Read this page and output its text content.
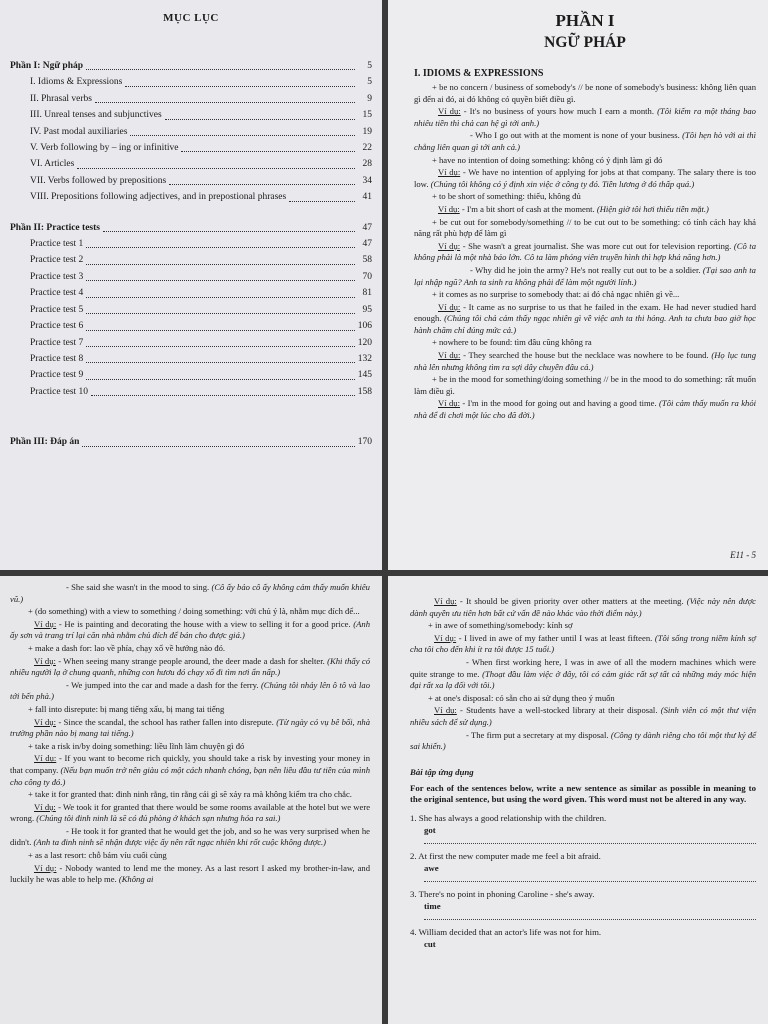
MỤC LỤC
Phần I: Ngữ pháp	5
I. Idioms & Expressions	5
II. Phrasal verbs	9
III. Unreal tenses and subjunctives	15
IV. Past modal auxiliaries	19
V. Verb following by – ing or infinitive	22
VI. Articles	28
VII. Verbs followed by prepositions	34
VIII. Prepositions following adjectives, and in prepostional phrases	41
Phần II: Practice tests	47
Practice test 1	47
Practice test 2	58
Practice test 3	70
Practice test 4	81
Practice test 5	95
Practice test 6	106
Practice test 7	120
Practice test 8	132
Practice test 9	145
Practice test 10	158
Phần III: Đáp án	170
PHẦN I
NGỮ PHÁP
I. IDIOMS & EXPRESSIONS

+ be no concern / business of somebody's // be none of somebody's business: không liên quan gì đến ai đó, ai đó không có quyền biết điều gì.

Ví dụ: - It's no business of yours how much I earn a month. (Tôi kiếm ra một tháng bao nhiêu tiền thì chả can hệ gì tới anh.)

- Who I go out with at the moment is none of your business. (Tôi hẹn hò với ai thì chẳng liên quan gì tới anh cả.)

+ have no intention of doing something: không có ý định làm gì đó

Ví dụ: - We have no intention of applying for jobs at that company. The salary there is too low. (Chúng tôi không có ý định xin việc ở công ty đó. Tiền lương ở đó thấp quá.)

+ to be short of something: thiếu, không đủ

Ví dụ: - I'm a bit short of cash at the moment. (Hiện giờ tôi hơi thiếu tiền mặt.)

+ be cut out for somebody/something // to be cut out to be something: có tính cách hay khả năng rất phù hợp để làm gì

Ví dụ: - She wasn't a great journalist. She was more cut out for television reporting. (Cô ta không phải là một nhà báo lớn. Cô ta làm phóng viên truyền hình thì hợp khả năng hơn.)

- Why did he join the army? He's not really cut out to be a soldier. (Tại sao anh ta lại nhập ngũ? Anh ta sinh ra không phải để làm một người lính.)

+ it comes as no surprise to somebody that: ai đó chả ngạc nhiên gì về...

Ví dụ: - It came as no surprise to us that he failed in the exam. He had never studied hard enough. (Chúng tôi chả cảm thấy ngạc nhiên gì về việc anh ta thi hỏng. Anh ta chưa bao giờ học hành chăm chỉ đúng mức cả.)

+ nowhere to be found: tìm đâu cũng không ra

Ví dụ: - They searched the house but the necklace was nowhere to be found. (Họ lục tung nhà lên nhưng không tìm ra sợi dây chuyền đâu cả.)

+ be in the mood for something/doing something // be in the mood to do something: rất muốn làm điều gì.

Ví dụ: - I'm in the mood for going out and having a good time. (Tôi cảm thấy muốn ra khỏi nhà để đi chơi một lúc cho đã đời.)

E11 - 5

- She said she wasn't in the mood to sing. (Cô ấy bảo cô ấy không cảm thấy muốn khiêu vũ.)

+ (do something) with a view to something / doing something: với chủ ý là, nhằm mục đích để...

Ví dụ: - He is painting and decorating the house with a view to selling it for a good price. (Anh ấy sơn và trang trí lại căn nhà nhằm chủ đích để bán cho được giá.)

+ make a dash for: lao về phía, chạy xổ về hướng nào đó.

Ví dụ: - When seeing many strange people around, the deer made a dash for shelter. (Khi thấy có nhiều người lạ ở chung quanh, những con hươu đó chạy xổ đi tìm nơi ẩn nấp.)

- We jumped into the car and made a dash for the ferry. (Chúng tôi nhảy lên ô tô và lao tới bến phà.)

+ fall into disrepute: bị mang tiếng xấu, bị mang tai tiếng

Ví dụ: - Since the scandal, the school has rather fallen into disrepute. (Từ ngày có vụ bê bối, nhà trường phần nào bị mang tai tiếng.)

+ take a risk in/by doing something: liều lĩnh làm chuyện gì đó

Ví dụ: - If you want to become rich quickly, you should take a risk by investing your money in that company. (Nếu bạn muốn trở nên giàu có một cách nhanh chóng, bạn nên liều đầu tư tiền của mình cho công ty đó.)

+ take it for granted that: đinh ninh rằng, tin rằng cái gì sẽ xảy ra mà không kiểm tra cho chắc.

Ví dụ: - We took it for granted that there would be some rooms available at the hotel but we were wrong. (Chúng tôi đinh ninh là sẽ có đủ phòng ở khách sạn nhưng hóa ra sai.)

- He took it for granted that he would get the job, and so he was very surprised when he didn't. (Anh ta đinh ninh sẽ nhận được việc ấy nên rất ngạc nhiên khi rốt cuộc không được.)

+ as a last resort: chỗ bám víu cuối cùng

Ví dụ: - Nobody wanted to lend me the money. As a last resort I asked my brother-in-law, and luckily he was able to help me. (Không ai

Ví dụ: - It should be given priority over other matters at the meeting. (Việc này nên được dành quyền ưu tiên hơn bất cứ vấn đề nào khác vào thời điểm này.)

+ in awe of something/somebody: kính sợ

Ví dụ: - I lived in awe of my father until I was at least fifteen. (Tôi sống trong niềm kính sợ cha tôi cho đến khi ít ra tôi được 15 tuổi.)

- When first working here, I was in awe of all the modern machines which were quite strange to me. (Thoạt đầu làm việc ở đây, tôi có cảm giác rất sợ tất cả những máy móc hiện đại rất xa lạ đối với tôi.)

+ at one's disposal: có sẵn cho ai sử dụng theo ý muốn

Ví dụ: - Students have a well-stocked library at their disposal. (Sinh viên có một thư viện nhiều sách để sử dụng.)

- The firm put a secretary at my disposal. (Công ty dành riêng cho tôi một thư ký để sai khiến.)

Bài tập ứng dụng
For each of the sentences below, write a new sentence as similar as possible in meaning to the original sentence, but using the word given. This word must not be altered in any way.
1. She has always a good relationship with the children.
got
2. At first the new computer made me feel a bit afraid.
awe
3. There's no point in phoning Caroline - she's away.
time
4. William decided that an actor's life was not for him.
cut
